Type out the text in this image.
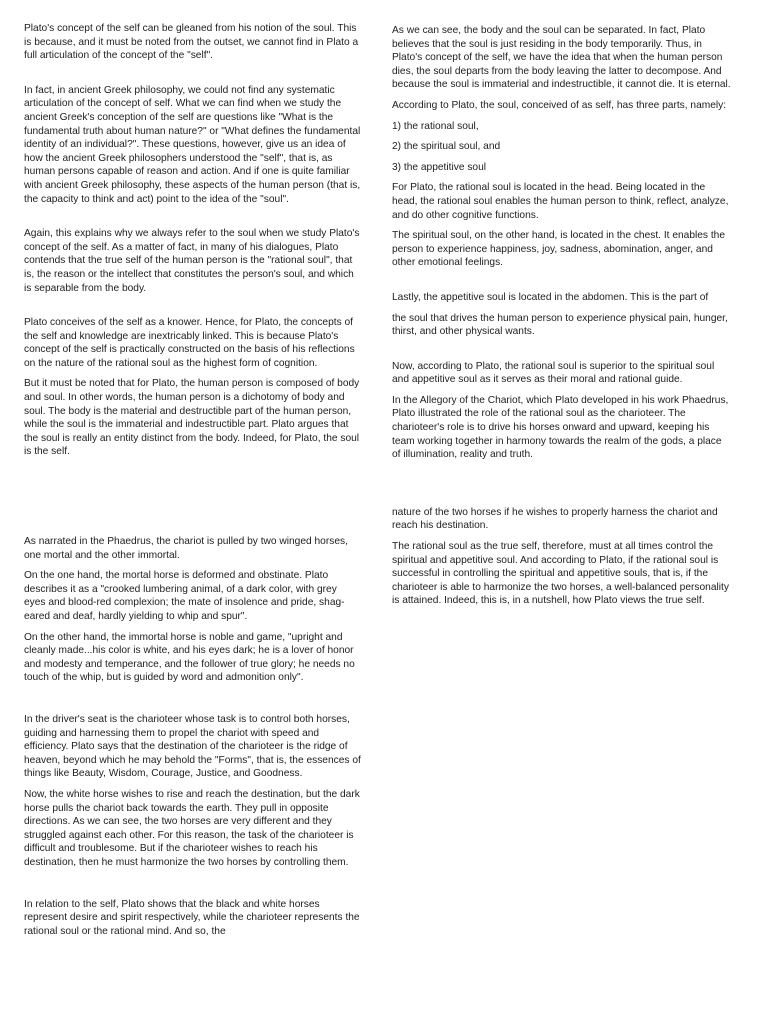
Plato's concept of the self can be gleaned from his notion of the soul. This is because, and it must be noted from the outset, we cannot find in Plato a full articulation of the concept of the "self".

In fact, in ancient Greek philosophy, we could not find any systematic articulation of the concept of self. What we can find when we study the ancient Greek's conception of the self are questions like "What is the fundamental truth about human nature?" or "What defines the fundamental identity of an individual?". These questions, however, give us an idea of how the ancient Greek philosophers understood the "self", that is, as human persons capable of reason and action. And if one is quite familiar with ancient Greek philosophy, these aspects of the human person (that is, the capacity to think and act) point to the idea of the "soul".

Again, this explains why we always refer to the soul when we study Plato's concept of the self. As a matter of fact, in many of his dialogues, Plato contends that the true self of the human person is the "rational soul", that is, the reason or the intellect that constitutes the person's soul, and which is separable from the body.

Plato conceives of the self as a knower. Hence, for Plato, the concepts of the self and knowledge are inextricably linked. This is because Plato's concept of the self is practically constructed on the basis of his reflections on the nature of the rational soul as the highest form of cognition.

But it must be noted that for Plato, the human person is composed of body and soul. In other words, the human person is a dichotomy of body and soul. The body is the material and destructible part of the human person, while the soul is the immaterial and indestructible part. Plato argues that the soul is really an entity distinct from the body. Indeed, for Plato, the soul is the self.

As narrated in the Phaedrus, the chariot is pulled by two winged horses, one mortal and the other immortal.

On the one hand, the mortal horse is deformed and obstinate. Plato describes it as a "crooked lumbering animal, of a dark color, with grey eyes and blood-red complexion; the mate of insolence and pride, shag- eared and deaf, hardly yielding to whip and spur".

On the other hand, the immortal horse is noble and game, "upright and cleanly made...his color is white, and his eyes dark; he is a lover of honor and modesty and temperance, and the follower of true glory; he needs no touch of the whip, but is guided by word and admonition only".

In the driver's seat is the charioteer whose task is to control both horses, guiding and harnessing them to propel the chariot with speed and efficiency. Plato says that the destination of the charioteer is the ridge of heaven, beyond which he may behold the "Forms", that is, the essences of things like Beauty, Wisdom, Courage, Justice, and Goodness.

Now, the white horse wishes to rise and reach the destination, but the dark horse pulls the chariot back towards the earth. They pull in opposite directions. As we can see, the two horses are very different and they struggled against each other. For this reason, the task of the charioteer is difficult and troublesome. But if the charioteer wishes to reach his destination, then he must harmonize the two horses by controlling them.

In relation to the self, Plato shows that the black and white horses represent desire and spirit respectively, while the charioteer represents the rational soul or the rational mind. And so, the

As we can see, the body and the soul can be separated. In fact, Plato believes that the soul is just residing in the body temporarily. Thus, in Plato's concept of the self, we have the idea that when the human person dies, the soul departs from the body leaving the latter to decompose. And because the soul is immaterial and indestructible, it cannot die. It is eternal.

According to Plato, the soul, conceived of as self, has three parts, namely:

1) the rational soul,

2) the spiritual soul, and

3) the appetitive soul

For Plato, the rational soul is located in the head. Being located in the head, the rational soul enables the human person to think, reflect, analyze, and do other cognitive functions.

The spiritual soul, on the other hand, is located in the chest. It enables the person to experience happiness, joy, sadness, abomination, anger, and other emotional feelings.

Lastly, the appetitive soul is located in the abdomen. This is the part of

the soul that drives the human person to experience physical pain, hunger, thirst, and other physical wants.

Now, according to Plato, the rational soul is superior to the spiritual soul and appetitive soul as it serves as their moral and rational guide.

In the Allegory of the Chariot, which Plato developed in his work Phaedrus, Plato illustrated the role of the rational soul as the charioteer. The charioteer's role is to drive his horses onward and upward, keeping his team working together in harmony towards the realm of the gods, a place of illumination, reality and truth.

nature of the two horses if he wishes to properly harness the chariot and reach his destination.

The rational soul as the true self, therefore, must at all times control the spiritual and appetitive soul. And according to Plato, if the rational soul is successful in controlling the spiritual and appetitive souls, that is, if the charioteer is able to harmonize the two horses, a well-balanced personality is attained. Indeed, this is, in a nutshell, how Plato views the true self.
